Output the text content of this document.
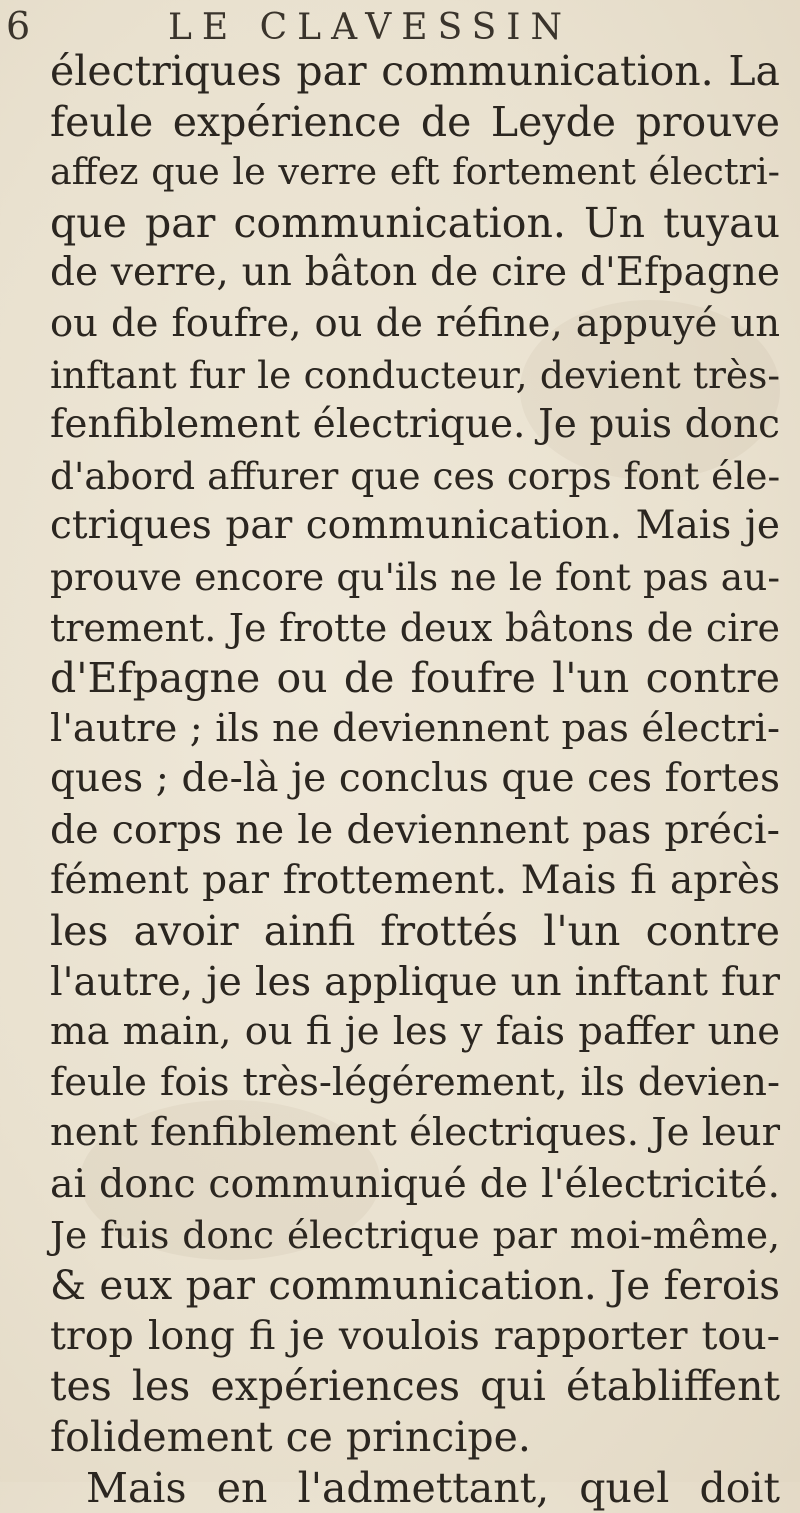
6	LE CLAVESSIN
électriques par communication. La
feule expérience de Leyde prouve
affez que le verre eft fortement électri-
que par communication. Un tuyau
de verre, un bâton de cire d'Efpagne
ou de foufre, ou de réfine, appuyé un
inftant fur le conducteur, devient très-
fenfiblement électrique. Je puis donc
d'abord affurer que ces corps font éle-
ctriques par communication. Mais je
prouve encore qu'ils ne le font pas au-
trement. Je frotte deux bâtons de cire
d'Efpagne ou de foufre l'un contre
l'autre ; ils ne deviennent pas électri-
ques ; de-là je conclus que ces fortes
de corps ne le deviennent pas préci-
fément par frottement. Mais fi après
les avoir ainfi frottés l'un contre
l'autre, je les applique un inftant fur
ma main, ou fi je les y fais paffer une
feule fois très-légérement, ils devien-
nent fenfiblement électriques. Je leur
ai donc communiqué de l'électricité.
Je fuis donc électrique par moi-même,
& eux par communication. Je ferois
trop long fi je voulois rapporter tou-
tes les expériences qui établiffent
folidement ce principe.
Mais en l'admettant, quel doit
